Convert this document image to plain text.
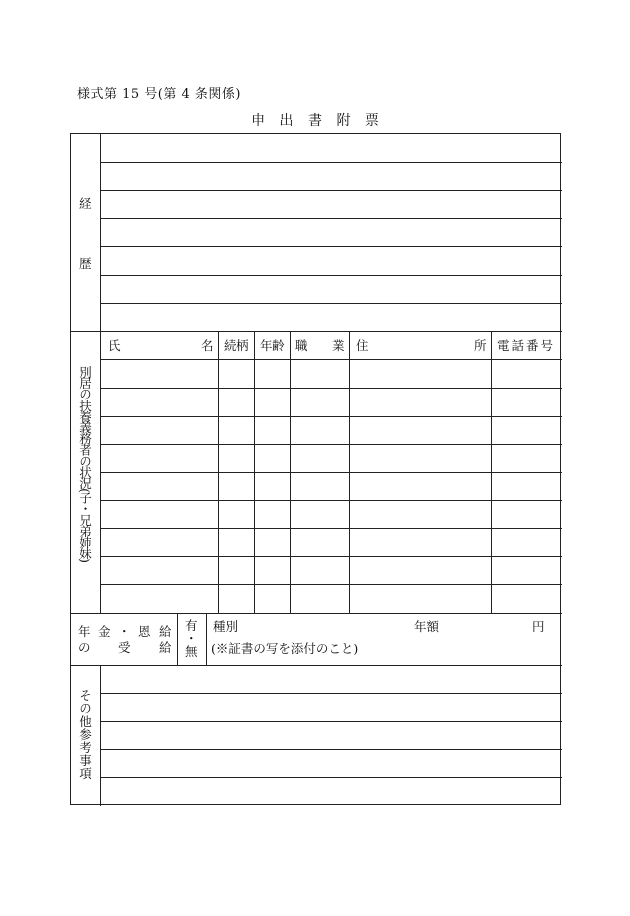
様式第 15 号(第 4 条関係)
申 出 書 附 票
経
歴
氏	名 続柄 年齢 職 業 住	所 電話番号
別居の扶養義務者の状況(子・兄弟姉妹)
年 金 ・ 恩 給
の 受 給
有
・
無
種別	年額	円
(※証書の写を添付のこと)
その他参考事項
